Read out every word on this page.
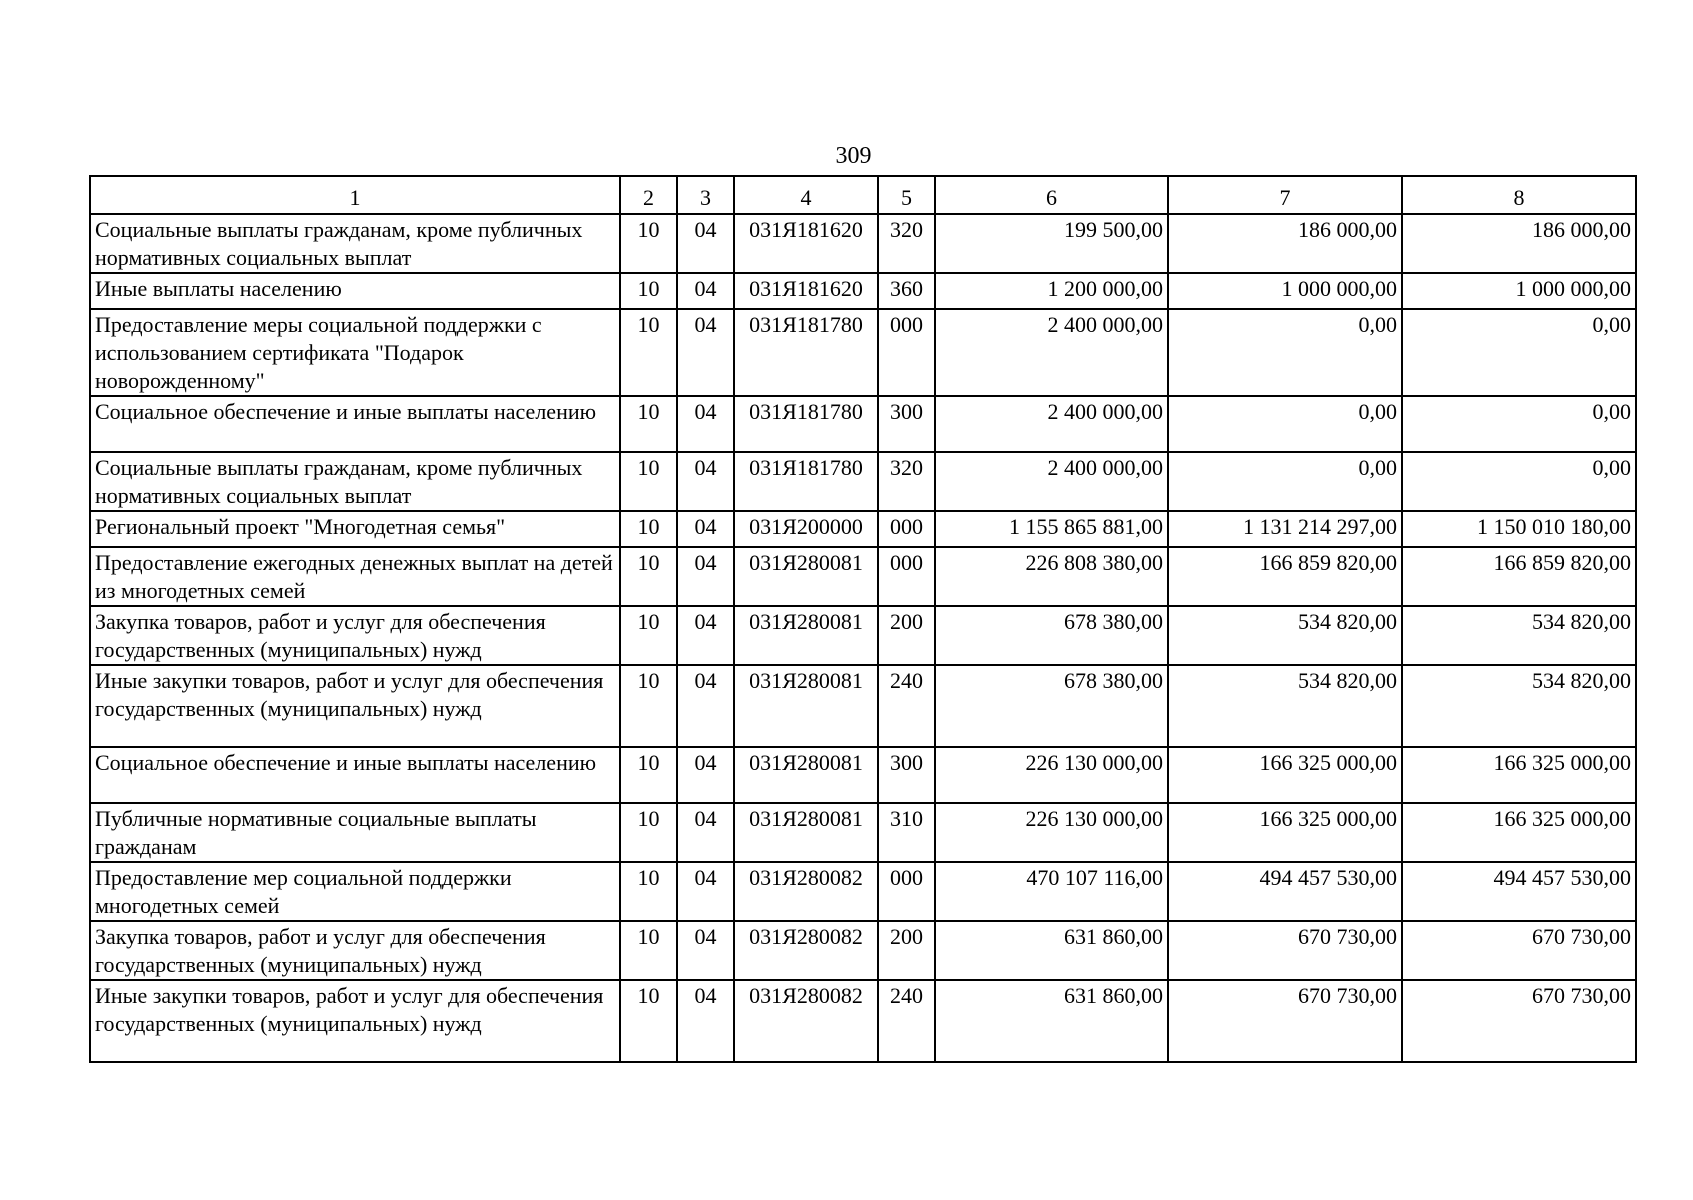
309
1	2	3	4	5	6	7	8
Социальные выплаты гражданам, кроме публичных нормативных социальных выплат	10	04	031Я181620	320	199 500,00	186 000,00	186 000,00
Иные выплаты населению	10	04	031Я181620	360	1 200 000,00	1 000 000,00	1 000 000,00
Предоставление меры социальной поддержки с использованием сертификата "Подарок новорожденному"	10	04	031Я181780	000	2 400 000,00	0,00	0,00
Социальное обеспечение и иные выплаты населению	10	04	031Я181780	300	2 400 000,00	0,00	0,00
Социальные выплаты гражданам, кроме публичных нормативных социальных выплат	10	04	031Я181780	320	2 400 000,00	0,00	0,00
Региональный проект "Многодетная семья"	10	04	031Я200000	000	1 155 865 881,00	1 131 214 297,00	1 150 010 180,00
Предоставление ежегодных денежных выплат на детей из многодетных семей	10	04	031Я280081	000	226 808 380,00	166 859 820,00	166 859 820,00
Закупка товаров, работ и услуг для обеспечения государственных (муниципальных) нужд	10	04	031Я280081	200	678 380,00	534 820,00	534 820,00
Иные закупки товаров, работ и услуг для обеспечения государственных (муниципальных) нужд	10	04	031Я280081	240	678 380,00	534 820,00	534 820,00
Социальное обеспечение и иные выплаты населению	10	04	031Я280081	300	226 130 000,00	166 325 000,00	166 325 000,00
Публичные нормативные социальные выплаты гражданам	10	04	031Я280081	310	226 130 000,00	166 325 000,00	166 325 000,00
Предоставление мер социальной поддержки многодетных семей	10	04	031Я280082	000	470 107 116,00	494 457 530,00	494 457 530,00
Закупка товаров, работ и услуг для обеспечения государственных (муниципальных) нужд	10	04	031Я280082	200	631 860,00	670 730,00	670 730,00
Иные закупки товаров, работ и услуг для обеспечения государственных (муниципальных) нужд	10	04	031Я280082	240	631 860,00	670 730,00	670 730,00
